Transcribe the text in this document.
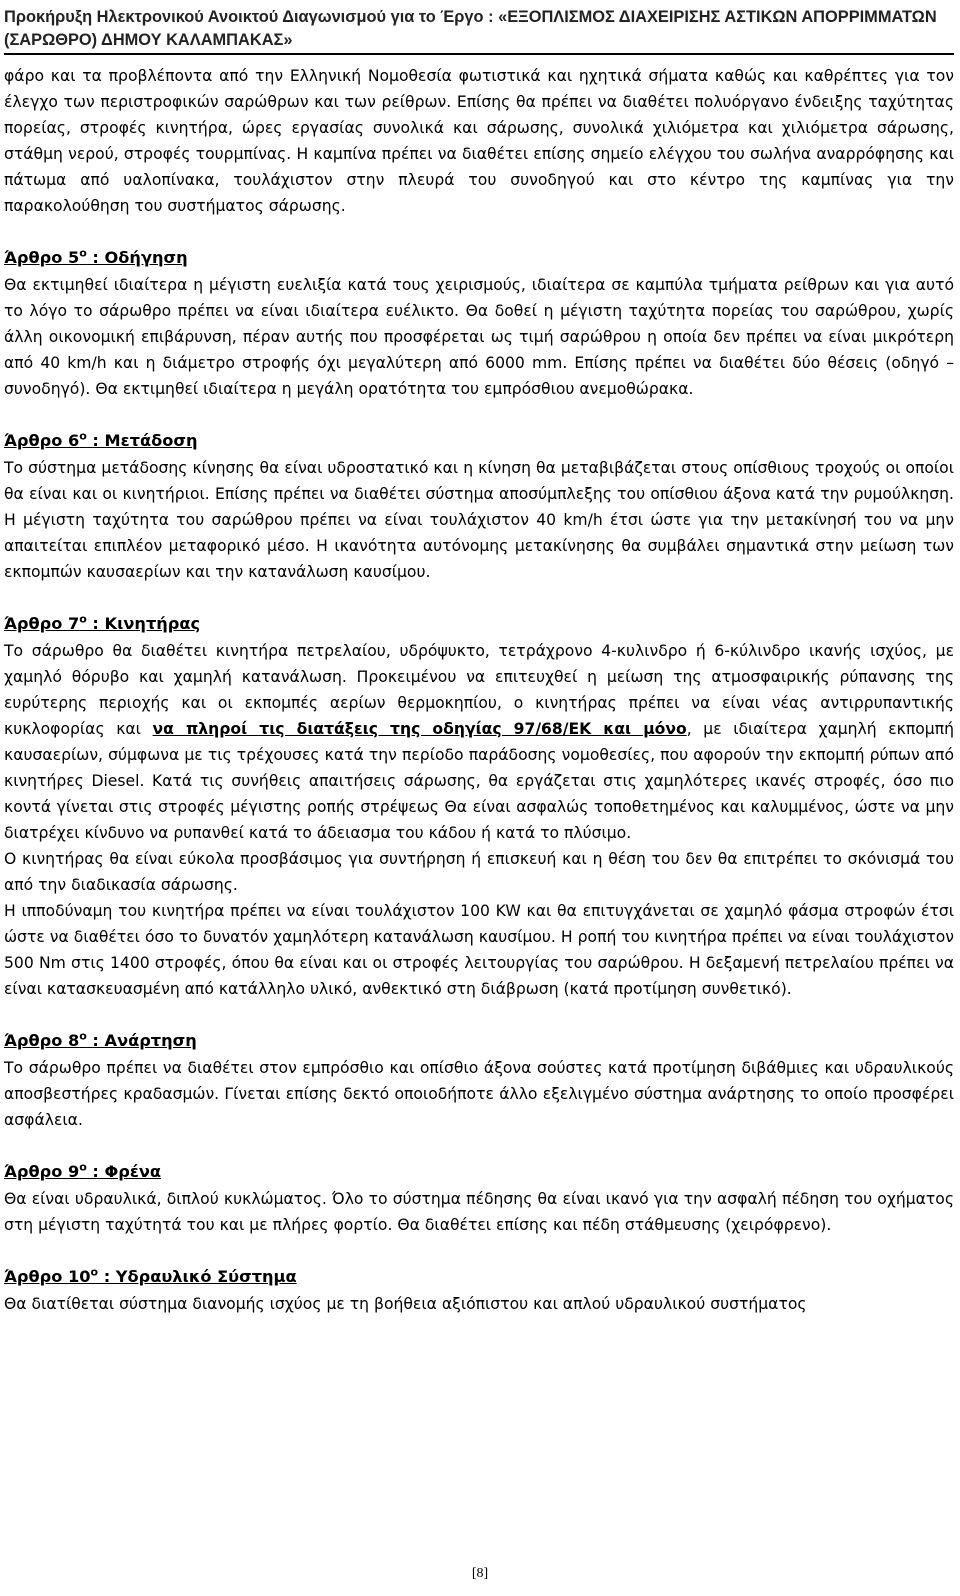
Προκήρυξη Ηλεκτρονικού Ανοικτού Διαγωνισμού για το Έργο : «ΕΞΟΠΛΙΣΜΟΣ ΔΙΑΧΕΙΡΙΣΗΣ ΑΣΤΙΚΩΝ ΑΠΟΡΡΙΜΜΑΤΩΝ (ΣΑΡΩΘΡΟ) ΔΗΜΟΥ ΚΑΛΑΜΠΑΚΑΣ»

φάρο και τα προβλέποντα από την Ελληνική Νομοθεσία φωτιστικά και ηχητικά σήματα καθώς και καθρέπτες για τον έλεγχο των περιστροφικών σαρώθρων και των ρείθρων. Επίσης θα πρέπει να διαθέτει πολυόργανο ένδειξης ταχύτητας πορείας, στροφές κινητήρα, ώρες εργασίας συνολικά και σάρωσης, συνολικά χιλιόμετρα και χιλιόμετρα σάρωσης, στάθμη νερού, στροφές τουρμπίνας. Η καμπίνα πρέπει να διαθέτει επίσης σημείο ελέγχου του σωλήνα αναρρόφησης και πάτωμα από υαλοπίνακα, τουλάχιστον στην πλευρά του συνοδηγού και στο κέντρο της καμπίνας για την παρακολούθηση του συστήματος σάρωσης.

Άρθρο $5^o$ : Οδήγηση

Θα εκτιμηθεί ιδιαίτερα η μέγιστη ευελιξία κατά τους χειρισμούς, ιδιαίτερα σε καμπύλα τμήματα ρείθρων και για αυτό το λόγο το σάρωθρο πρέπει να είναι ιδιαίτερα ευέλικτο. Θα δοθεί η μέγιστη ταχύτητα πορείας του σαρώθρου, χωρίς άλλη οικονομική επιβάρυνση, πέραν αυτής που προσφέρεται ως τιμή σαρώθρου η οποία δεν πρέπει να είναι μικρότερη από 40 km/h και η διάμετρο στροφής όχι μεγαλύτερη από 6000 mm. Επίσης πρέπει να διαθέτει δύο θέσεις (οδηγό – συνοδηγό). Θα εκτιμηθεί ιδιαίτερα η μεγάλη ορατότητα του εμπρόσθιου ανεμοθώρακα.

Άρθρο $6^o$ : Μετάδοση

Το σύστημα μετάδοσης κίνησης θα είναι υδροστατικό και η κίνηση θα μεταβιβάζεται στους οπίσθιους τροχούς οι οποίοι θα είναι και οι κινητήριοι. Επίσης πρέπει να διαθέτει σύστημα αποσύμπλεξης του οπίσθιου άξονα κατά την ρυμούλκηση. Η μέγιστη ταχύτητα του σαρώθρου πρέπει να είναι τουλάχιστον 40 km/h έτσι ώστε για την μετακίνησή του να μην απαιτείται επιπλέον μεταφορικό μέσο. Η ικανότητα αυτόνομης μετακίνησης θα συμβάλει σημαντικά στην μείωση των εκπομπών καυσαερίων και την κατανάλωση καυσίμου.

Άρθρο $7^o$ : Κινητήρας

Το σάρωθρο θα διαθέτει κινητήρα πετρελαίου, υδρόψυκτο, τετράχρονο 4-κυλινδρο ή 6-κύλινδρο ικανής ισχύος, με χαμηλό θόρυβο και χαμηλή κατανάλωση. Προκειμένου να επιτευχθεί η μείωση της ατμοσφαιρικής ρύπανσης της ευρύτερης περιοχής και οι εκπομπές αερίων θερμοκηπίου, ο κινητήρας πρέπει να είναι νέας αντιρρυπαντικής κυκλοφορίας και να πληροί τις διατάξεις της οδηγίας 97/68/ΕΚ και μόνο, με ιδιαίτερα χαμηλή εκπομπή καυσαερίων, σύμφωνα με τις τρέχουσες κατά την περίοδο παράδοσης νομοθεσίες, που αφορούν την εκπομπή ρύπων από κινητήρες Diesel. Κατά τις συνήθεις απαιτήσεις σάρωσης, θα εργάζεται στις χαμηλότερες ικανές στροφές, όσο πιο κοντά γίνεται στις στροφές μέγιστης ροπής στρέψεως Θα είναι ασφαλώς τοποθετημένος και καλυμμένος, ώστε να μην διατρέχει κίνδυνο να ρυπανθεί κατά το άδειασμα του κάδου ή κατά το πλύσιμο.

Ο κινητήρας θα είναι εύκολα προσβάσιμος για συντήρηση ή επισκευή και η θέση του δεν θα επιτρέπει το σκόνισμά του από την διαδικασία σάρωσης.

Η ιπποδύναμη του κινητήρα πρέπει να είναι τουλάχιστον 100 KW και θα επιτυγχάνεται σε χαμηλό φάσμα στροφών έτσι ώστε να διαθέτει όσο το δυνατόν χαμηλότερη κατανάλωση καυσίμου. Η ροπή του κινητήρα πρέπει να είναι τουλάχιστον 500 Nm στις 1400 στροφές, όπου θα είναι και οι στροφές λειτουργίας του σαρώθρου. Η δεξαμενή πετρελαίου πρέπει να είναι κατασκευασμένη από κατάλληλο υλικό, ανθεκτικό στη διάβρωση (κατά προτίμηση συνθετικό).

Άρθρο $8^o$ : Ανάρτηση

Το σάρωθρο πρέπει να διαθέτει στον εμπρόσθιο και οπίσθιο άξονα σούστες κατά προτίμηση διβάθμιες και υδραυλικούς αποσβεστήρες κραδασμών. Γίνεται επίσης δεκτό οποιοδήποτε άλλο εξελιγμένο σύστημα ανάρτησης το οποίο προσφέρει ασφάλεια.

Άρθρο $9^o$ : Φρένα

Θα είναι υδραυλικά, διπλού κυκλώματος. Όλο το σύστημα πέδησης θα είναι ικανό για την ασφαλή πέδηση του οχήματος στη μέγιστη ταχύτητά του και με πλήρες φορτίο. Θα διαθέτει επίσης και πέδη στάθμευσης (χειρόφρενο).

Άρθρο $10^o$ : Υδραυλικό Σύστημα

Θα διατίθεται σύστημα διανομής ισχύος με τη βοήθεια αξιόπιστου και απλού υδραυλικού συστήματος

[8]
